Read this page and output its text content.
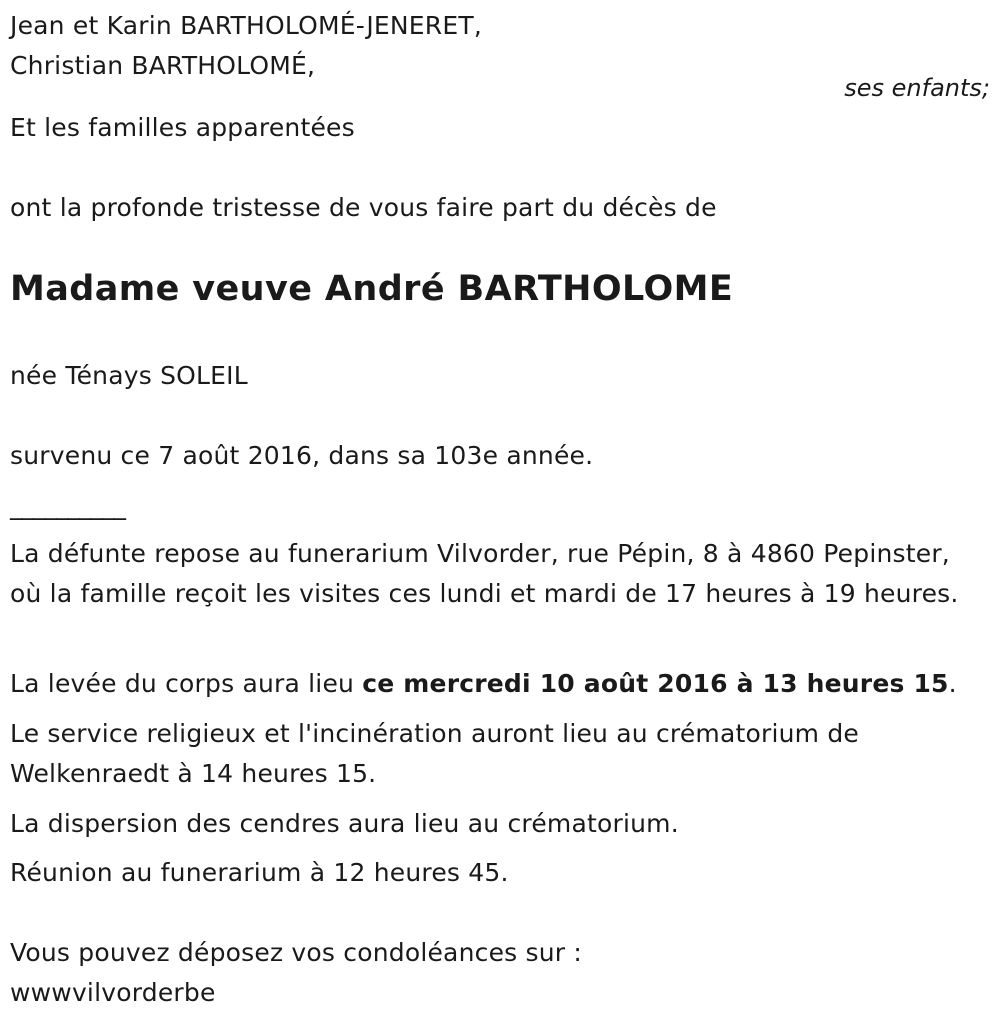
Jean et Karin BARTHOLOMÉ-JENERET,
Christian BARTHOLOMÉ,
ses enfants;
Et les familles apparentées
ont la profonde tristesse de vous faire part du décès de
Madame veuve André BARTHOLOME
née Ténays SOLEIL
survenu ce 7 août 2016, dans sa 103e année.
__________
La défunte repose au funerarium Vilvorder, rue Pépin, 8 à 4860 Pepinster, où la famille reçoit les visites ces lundi et mardi de 17 heures à 19 heures.
La levée du corps aura lieu ce mercredi 10 août 2016 à 13 heures 15.
Le service religieux et l'incinération auront lieu au crématorium de Welkenraedt à 14 heures 15.
La dispersion des cendres aura lieu au crématorium.
Réunion au funerarium à 12 heures 45.
Vous pouvez déposez vos condoléances sur :
wwwvilvorderbe
